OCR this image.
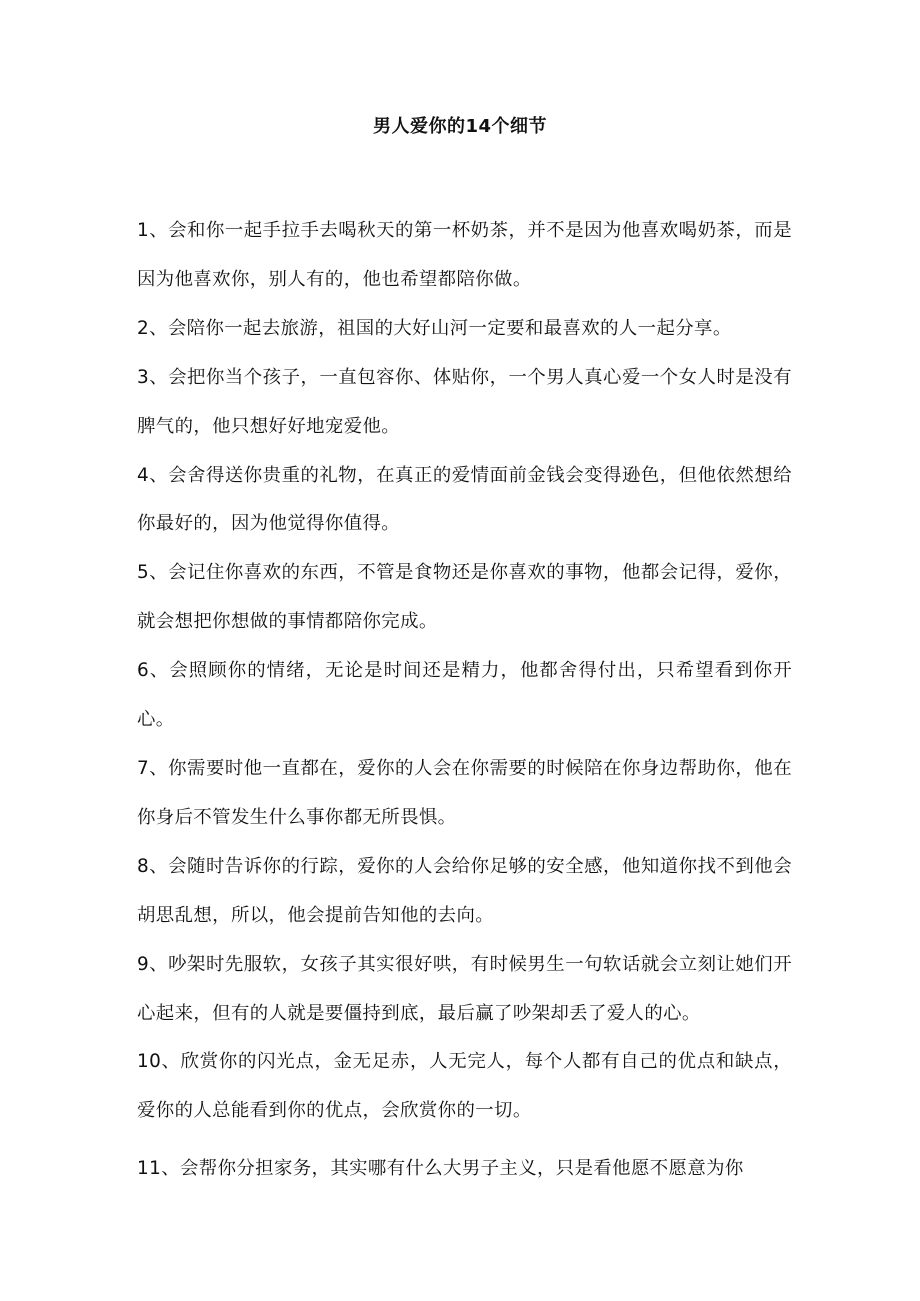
男人爱你的14个细节

1、会和你一起手拉手去喝秋天的第一杯奶茶，并不是因为他喜欢喝奶茶，而是因为他喜欢你，别人有的，他也希望都陪你做。

2、会陪你一起去旅游，祖国的大好山河一定要和最喜欢的人一起分享。

3、会把你当个孩子，一直包容你、体贴你，一个男人真心爱一个女人时是没有脾气的，他只想好好地宠爱他。

4、会舍得送你贵重的礼物，在真正的爱情面前金钱会变得逊色，但他依然想给你最好的，因为他觉得你值得。

5、会记住你喜欢的东西，不管是食物还是你喜欢的事物，他都会记得，爱你，就会想把你想做的事情都陪你完成。

6、会照顾你的情绪，无论是时间还是精力，他都舍得付出，只希望看到你开心。

7、你需要时他一直都在，爱你的人会在你需要的时候陪在你身边帮助你，他在你身后不管发生什么事你都无所畏惧。

8、会随时告诉你的行踪，爱你的人会给你足够的安全感，他知道你找不到他会胡思乱想，所以，他会提前告知他的去向。

9、吵架时先服软，女孩子其实很好哄，有时候男生一句软话就会立刻让她们开心起来，但有的人就是要僵持到底，最后赢了吵架却丢了爱人的心。

10、欣赏你的闪光点，金无足赤，人无完人，每个人都有自己的优点和缺点，爱你的人总能看到你的优点，会欣赏你的一切。

11、会帮你分担家务，其实哪有什么大男子主义，只是看他愿不愿意为你
